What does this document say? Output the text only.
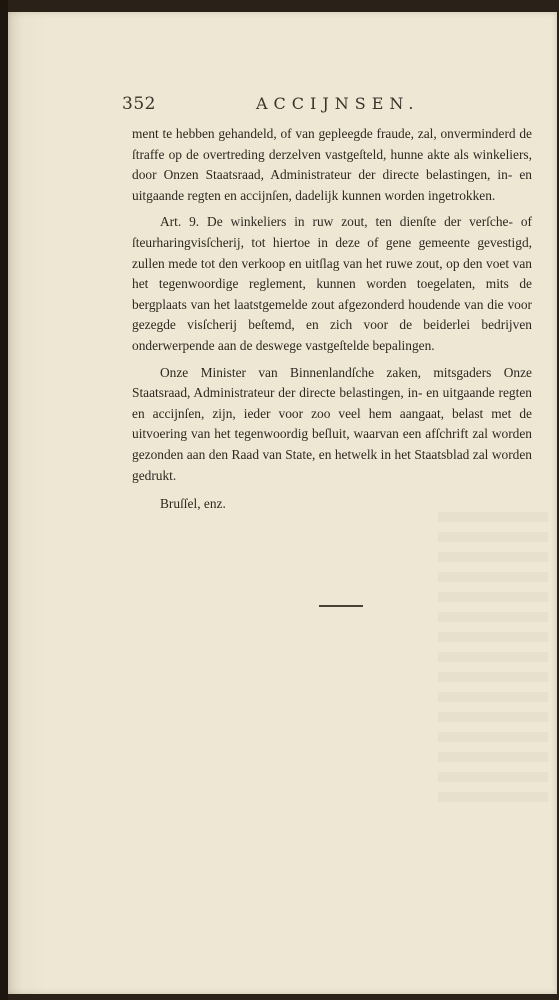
352	ACCIJNSEN.

ment te hebben gehandeld, of van gepleegde fraude, zal, onverminderd de ſtraffe op de overtreding derzelven vastgeſteld, hunne akte als winkeliers, door Onzen Staatsraad, Administrateur der directe belastingen, in- en uitgaande regten en accijnſen, dadelijk kunnen worden ingetrokken.

Art. 9. De winkeliers in ruw zout, ten dienſte der verſche- of ſteurharingvisſcherij, tot hiertoe in deze of gene gemeente gevestigd, zullen mede tot den verkoop en uitſlag van het ruwe zout, op den voet van het tegenwoordige reglement, kunnen worden toegelaten, mits de bergplaats van het laatstgemelde zout afgezonderd houdende van die voor gezegde visſcherij beſtemd, en zich voor de beiderlei bedrijven onderwerpende aan de deswege vastgeſtelde bepalingen.

Onze Minister van Binnenlandſche zaken, mitsgaders Onze Staatsraad, Administrateur der directe belastingen, in- en uitgaande regten en accijnſen, zijn, ieder voor zoo veel hem aangaat, belast met de uitvoering van het tegenwoordig beſluit, waarvan een afſchrift zal worden gezonden aan den Raad van State, en hetwelk in het Staatsblad zal worden gedrukt.

Bruſſel, enz.
